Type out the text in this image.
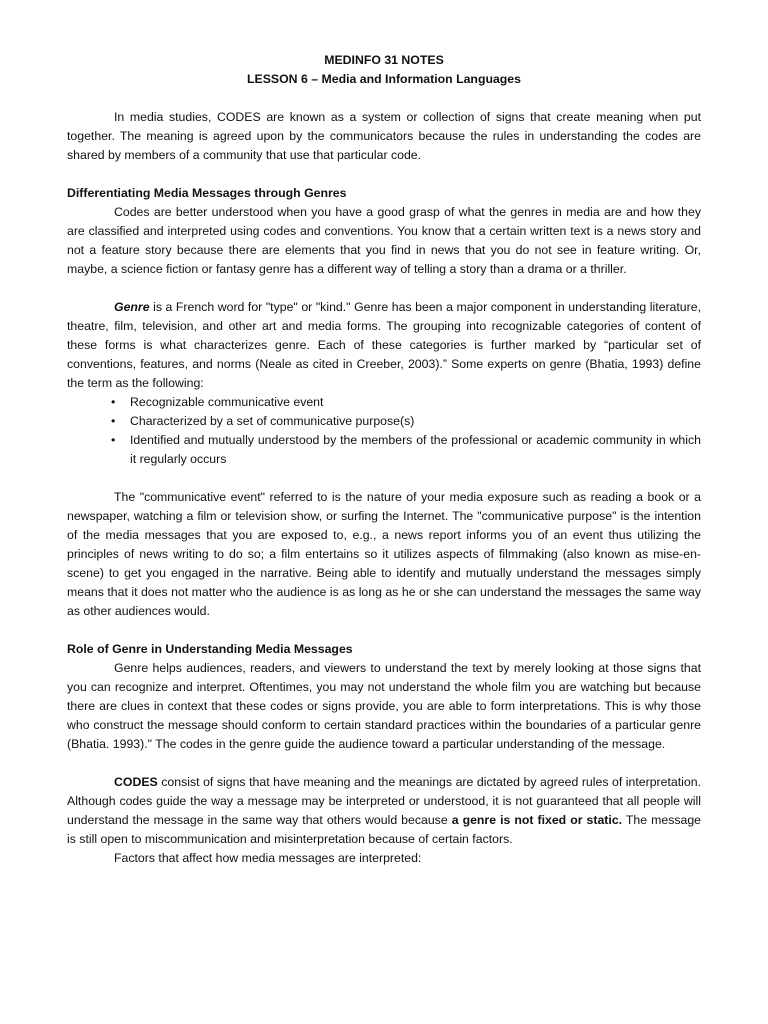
MEDINFO 31 NOTES

LESSON 6 – Media and Information Languages

In media studies, CODES are known as a system or collection of signs that create meaning when put together. The meaning is agreed upon by the communicators because the rules in understanding the codes are shared by members of a community that use that particular code.

Differentiating Media Messages through Genres

Codes are better understood when you have a good grasp of what the genres in media are and how they are classified and interpreted using codes and conventions. You know that a certain written text is a news story and not a feature story because there are elements that you find in news that you do not see in feature writing. Or, maybe, a science fiction or fantasy genre has a different way of telling a story than a drama or a thriller.

Genre is a French word for "type" or "kind." Genre has been a major component in understanding literature, theatre, film, television, and other art and media forms. The grouping into recognizable categories of content of these forms is what characterizes genre. Each of these categories is further marked by “particular set of conventions, features, and norms (Neale as cited in Creeber, 2003).” Some experts on genre (Bhatia, 1993) define the term as the following:

• Recognizable communicative event
• Characterized by a set of communicative purpose(s)
• Identified and mutually understood by the members of the professional or academic community in which it regularly occurs

The "communicative event" referred to is the nature of your media exposure such as reading a book or a newspaper, watching a film or television show, or surfing the Internet. The "communicative purpose" is the intention of the media messages that you are exposed to, e.g., a news report informs you of an event thus utilizing the principles of news writing to do so; a film entertains so it utilizes aspects of filmmaking (also known as mise-en-scene) to get you engaged in the narrative. Being able to identify and mutually understand the messages simply means that it does not matter who the audience is as long as he or she can understand the messages the same way as other audiences would.

Role of Genre in Understanding Media Messages

Genre helps audiences, readers, and viewers to understand the text by merely looking at those signs that you can recognize and interpret. Oftentimes, you may not understand the whole film you are watching but because there are clues in context that these codes or signs provide, you are able to form interpretations. This is why those who construct the message should conform to certain standard practices within the boundaries of a particular genre (Bhatia. 1993)." The codes in the genre guide the audience toward a particular understanding of the message.

CODES consist of signs that have meaning and the meanings are dictated by agreed rules of interpretation. Although codes guide the way a message may be interpreted or understood, it is not guaranteed that all people will understand the message in the same way that others would because a genre is not fixed or static. The message is still open to miscommunication and misinterpretation because of certain factors.

Factors that affect how media messages are interpreted:
